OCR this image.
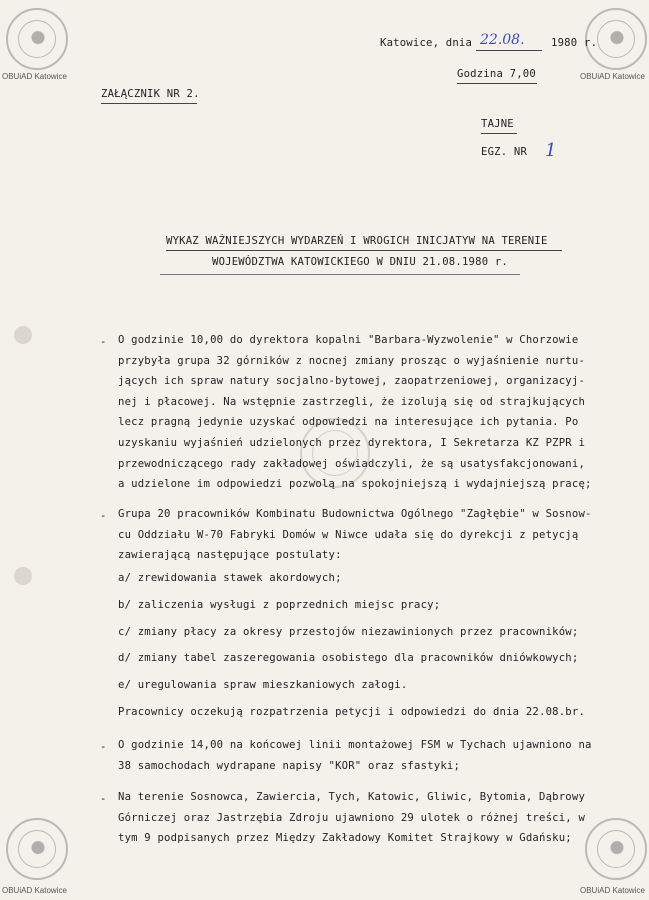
OBUiAD Katowice	OBUiAD Katowice
OBUiAD Katowice	OBUiAD Katowice
Katowice, dnia 22.08. 1980 r.
Godzina 7,00
ZAŁĄCZNIK NR 2.
TAJNE
EGZ. NR 1
WYKAZ WAŻNIEJSZYCH WYDARZEŃ I WROGICH INICJATYW NA TERENIE
WOJEWÓDZTWA KATOWICKIEGO W DNIU 21.08.1980 r.
- O godzinie 10,00 do dyrektora kopalni "Barbara-Wyzwolenie" w Chorzowie
przybyła grupa 32 górników z nocnej zmiany prosząc o wyjaśnienie nurtu-
jących ich spraw natury socjalno-bytowej, zaopatrzeniowej, organizacyj-
nej i płacowej. Na wstępnie zastrzegli, że izolują się od strajkujących
lecz pragną jedynie uzyskać odpowiedzi na interesujące ich pytania. Po
uzyskaniu wyjaśnień udzielonych przez dyrektora, I Sekretarza KZ PZPR i
przewodniczącego rady zakładowej oświadczyli, że są usatysfakcjonowani,
a udzielone im odpowiedzi pozwolą na spokojniejszą i wydajniejszą pracę;
- Grupa 20 pracowników Kombinatu Budownictwa Ogólnego "Zagłębie" w Sosnow-
cu Oddziału W-70 Fabryki Domów w Niwce udała się do dyrekcji z petycją
zawierającą następujące postulaty:
a/ zrewidowania stawek akordowych;
b/ zaliczenia wysługi z poprzednich miejsc pracy;
c/ zmiany płacy za okresy przestojów niezawinionych przez pracowników;
d/ zmiany tabel zaszeregowania osobistego dla pracowników dniówkowych;
e/ uregulowania spraw mieszkaniowych załogi.
Pracownicy oczekują rozpatrzenia petycji i odpowiedzi do dnia 22.08.br.
- O godzinie 14,00 na końcowej linii montażowej FSM w Tychach ujawniono na
38 samochodach wydrapane napisy "KOR" oraz sfastyki;
- Na terenie Sosnowca, Zawiercia, Tych, Katowic, Gliwic, Bytomia, Dąbrowy
Górniczej oraz Jastrzębia Zdroju ujawniono 29 ulotek o różnej treści, w
tym 9 podpisanych przez Między Zakładowy Komitet Strajkowy w Gdańsku;
